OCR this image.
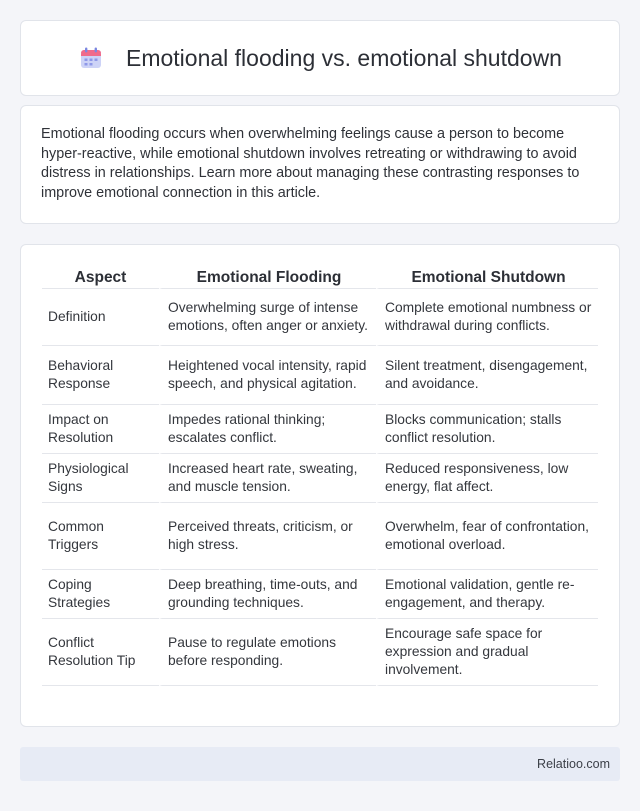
Emotional flooding vs. emotional shutdown

Emotional flooding occurs when overwhelming feelings cause a person to become hyper-reactive, while emotional shutdown involves retreating or withdrawing to avoid distress in relationships. Learn more about managing these contrasting responses to improve emotional connection in this article.

Aspect	Emotional Flooding	Emotional Shutdown
Definition	Overwhelming surge of intense emotions, often anger or anxiety.	Complete emotional numbness or withdrawal during conflicts.
Behavioral Response	Heightened vocal intensity, rapid speech, and physical agitation.	Silent treatment, disengagement, and avoidance.
Impact on Resolution	Impedes rational thinking; escalates conflict.	Blocks communication; stalls conflict resolution.
Physiological Signs	Increased heart rate, sweating, and muscle tension.	Reduced responsiveness, low energy, flat affect.
Common Triggers	Perceived threats, criticism, or high stress.	Overwhelm, fear of confrontation, emotional overload.
Coping Strategies	Deep breathing, time-outs, and grounding techniques.	Emotional validation, gentle re-engagement, and therapy.
Conflict Resolution Tip	Pause to regulate emotions before responding.	Encourage safe space for expression and gradual involvement.
Relatioo.com
